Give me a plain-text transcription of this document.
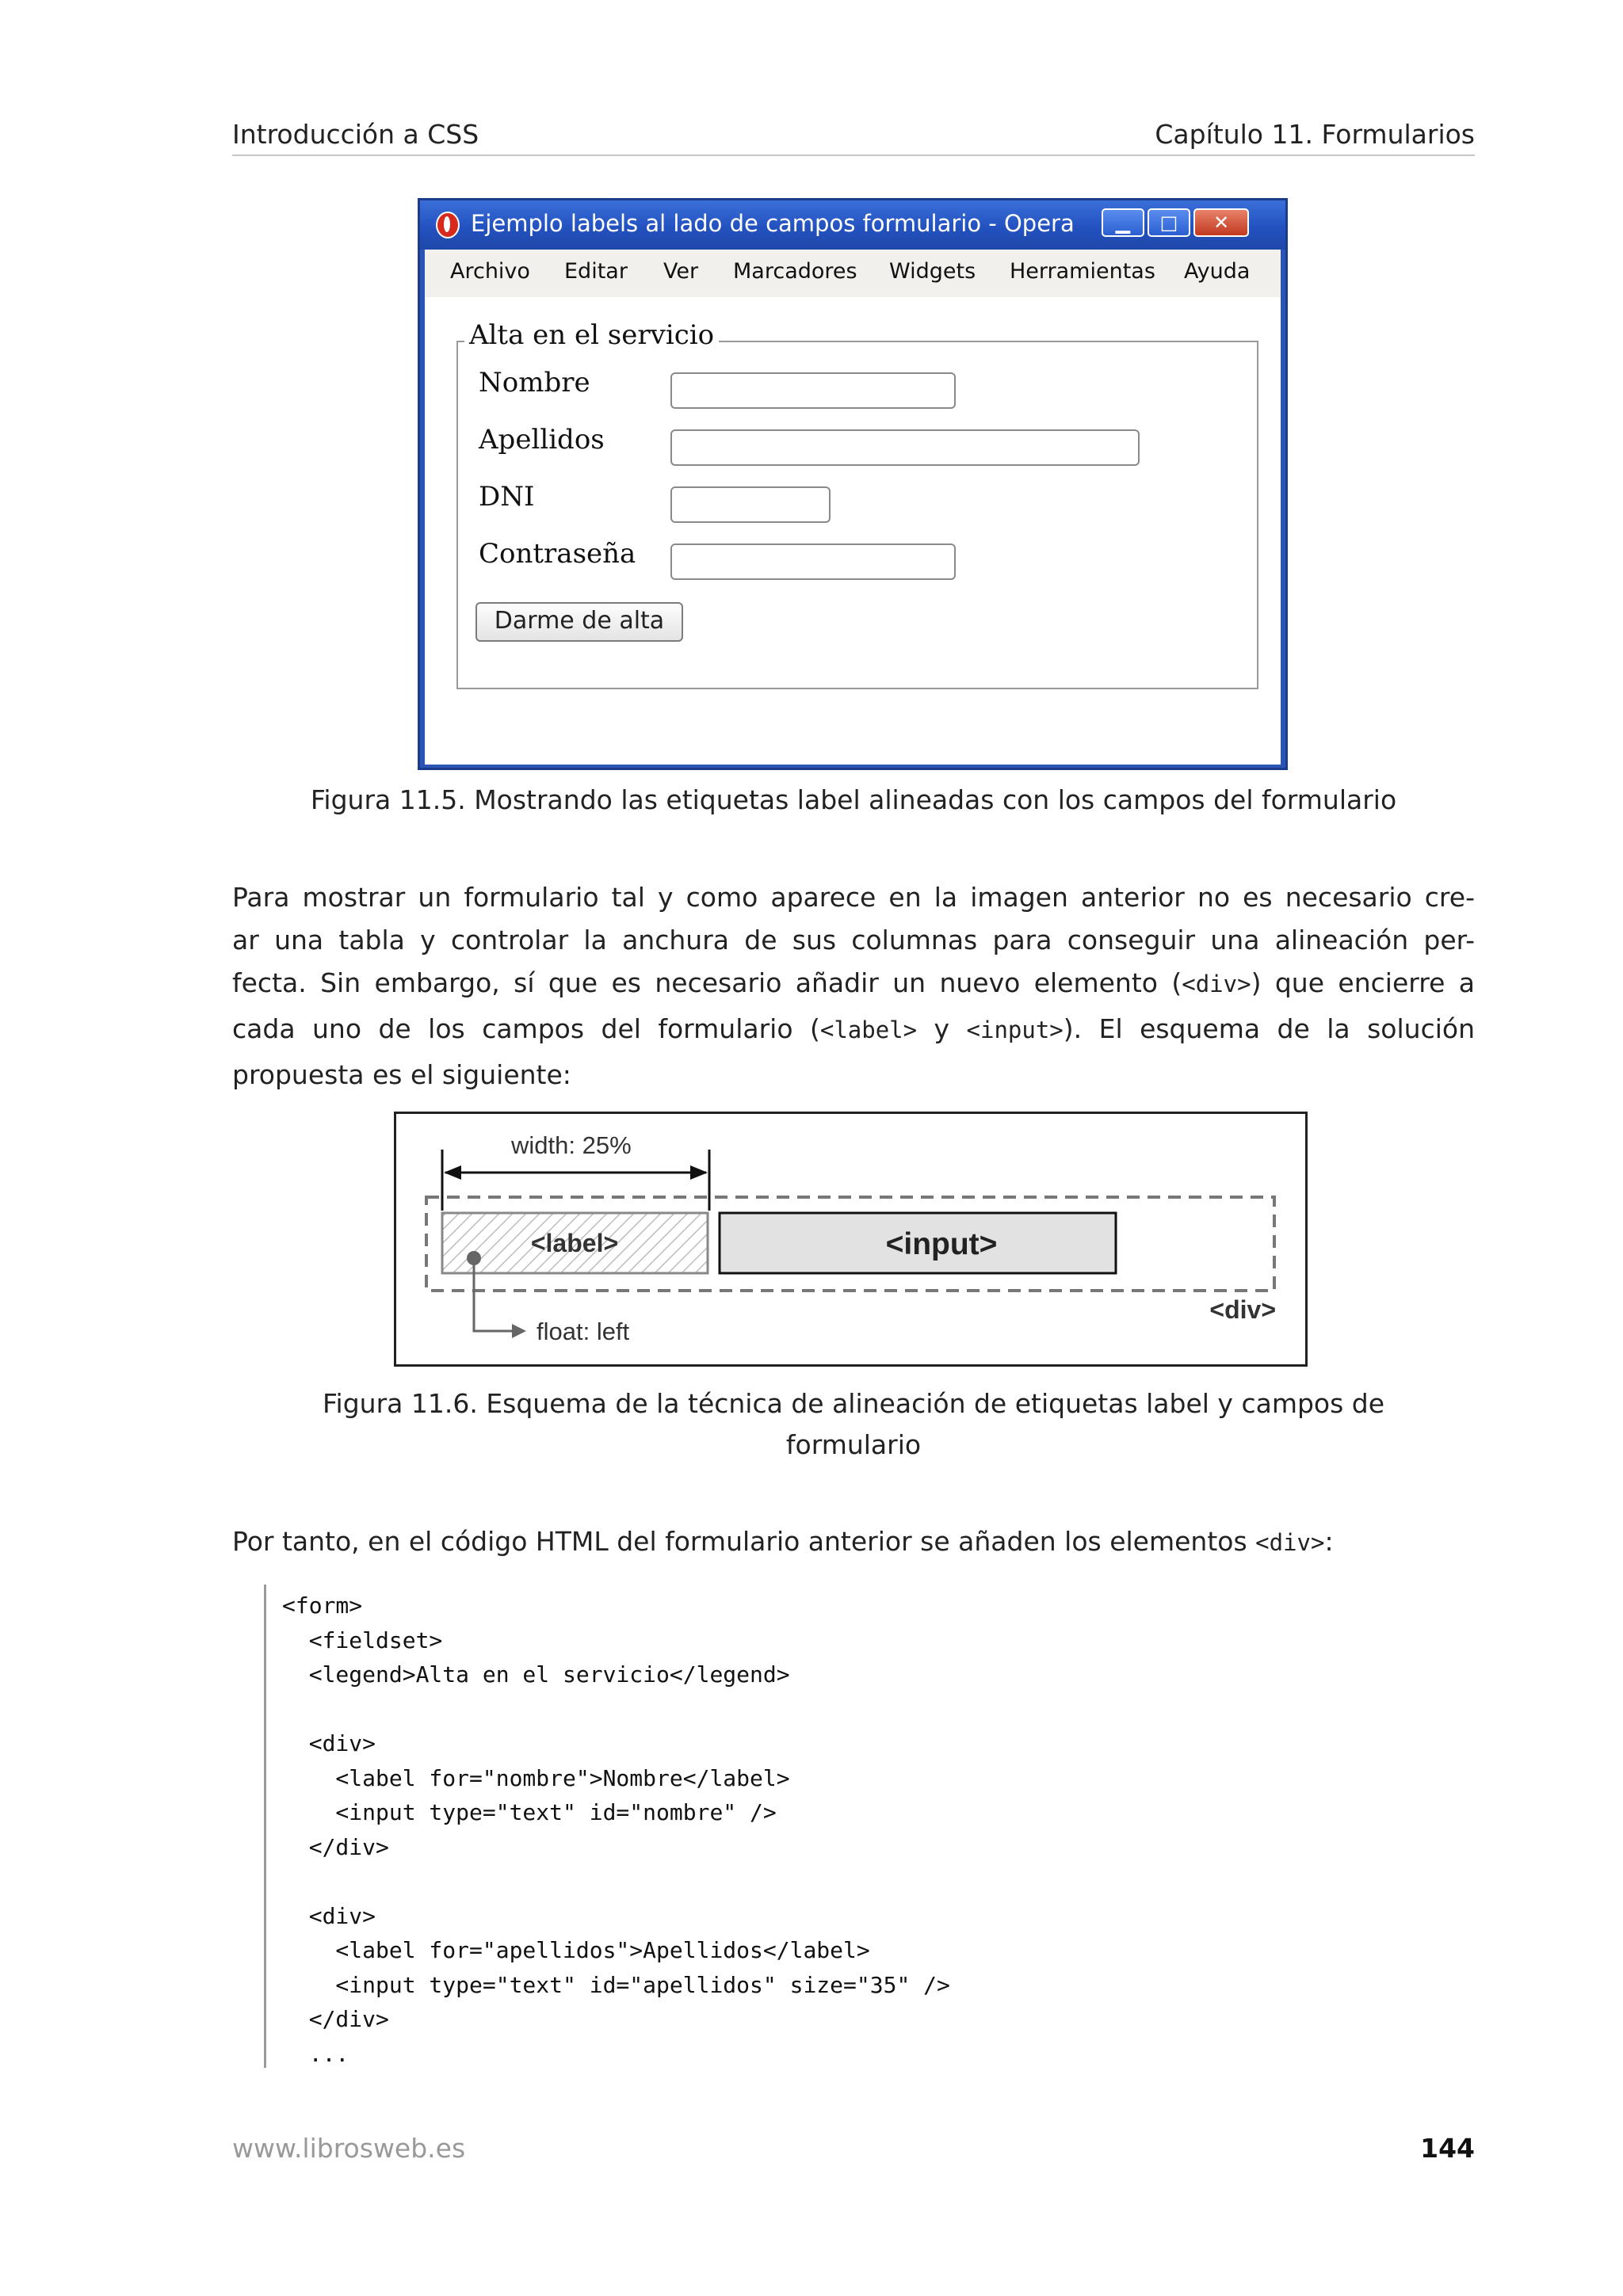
Introducción a CSS	Capítulo 11. Formularios
Ejemplo labels al lado de campos formulario - Opera	▁	□	✕
Archivo Editar Ver Marcadores Widgets Herramientas Ayuda
Alta en el servicio
Nombre
Apellidos
DNI
Contraseña
Darme de alta
Figura 11.5. Mostrando las etiquetas label alineadas con los campos del formulario
Para mostrar un formulario tal y como aparece en la imagen anterior no es necesario cre-
ar una tabla y controlar la anchura de sus columnas para conseguir una alineación per-
fecta. Sin embargo, sí que es necesario añadir un nuevo elemento (<div>) que encierre a
cada uno de los campos del formulario (<label> y <input>). El esquema de la solución
propuesta es el siguiente:
width: 25%
<label>	<input>
float: left
<div>
Figura 11.6. Esquema de la técnica de alineación de etiquetas label y campos de
formulario
Por tanto, en el código HTML del formulario anterior se añaden los elementos <div>:
<form>
<fieldset>
<legend>Alta en el servicio</legend>
<div>
<label for="nombre">Nombre</label>
<input type="text" id="nombre" />
</div>
<div>
<label for="apellidos">Apellidos</label>
<input type="text" id="apellidos" size="35" />
</div>
...
www.librosweb.es	144
